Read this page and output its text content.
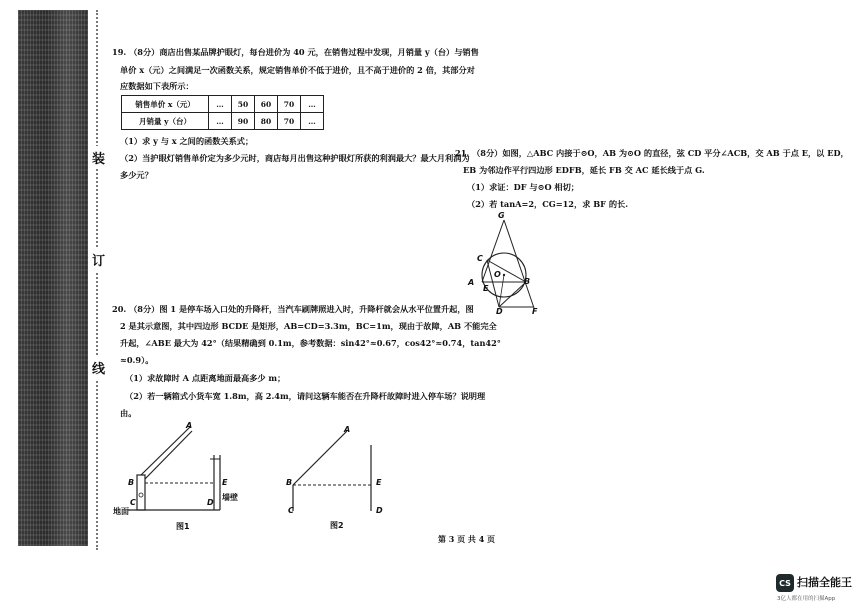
装
订
线
19. （8分）商店出售某品牌护眼灯，每台进价为 40 元，在销售过程中发现，月销量 y（台）与销售
单价 x（元）之间满足一次函数关系，规定销售单价不低于进价，且不高于进价的 2 倍，其部分对
应数据如下表所示：
销售单价 x（元）	…	50	60	70	…
月销量 y（台）	…	90	80	70	…
（1）求 y 与 x 之间的函数关系式；
（2）当护眼灯销售单价定为多少元时，商店每月出售这种护眼灯所获的利润最大？最大月利润为
多少元？
20. （8分）图 1 是停车场入口处的升降杆，当汽车刷牌照进入时，升降杆就会从水平位置升起，图
2 是其示意图，其中四边形 BCDE 是矩形，AB=CD=3.3m，BC=1m，现由于故障，AB 不能完全
升起，∠ABE 最大为 42°（结果精确到 0.1m，参考数据：sin42°≈0.67，cos42°≈0.74，tan42°
≈0.9）。
（1）求故障时 A 点距离地面最高多少 m；
（2）若一辆箱式小货车宽 1.8m，高 2.4m，请问这辆车能否在升降杆故障时进入停车场？说明理
由。
A
B
C	D
E
墙壁
地面
图1
A
B
C	D
E
图2
21. （8分）如图，△ABC 内接于⊙O，AB 为⊙O 的直径，弦 CD 平分∠ACB，交 AB 于点 E，以 ED，
EB 为邻边作平行四边形 EDFB，延长 FB 交 AC 延长线于点 G.
（1）求证：DF 与⊙O 相切；
（2）若 tanA=2，CG=12，求 BF 的长.
G
C
A
O
E
B
D	F
第 3 页 共 4 页
CS 扫描全能王
3亿人都在用的扫描App
